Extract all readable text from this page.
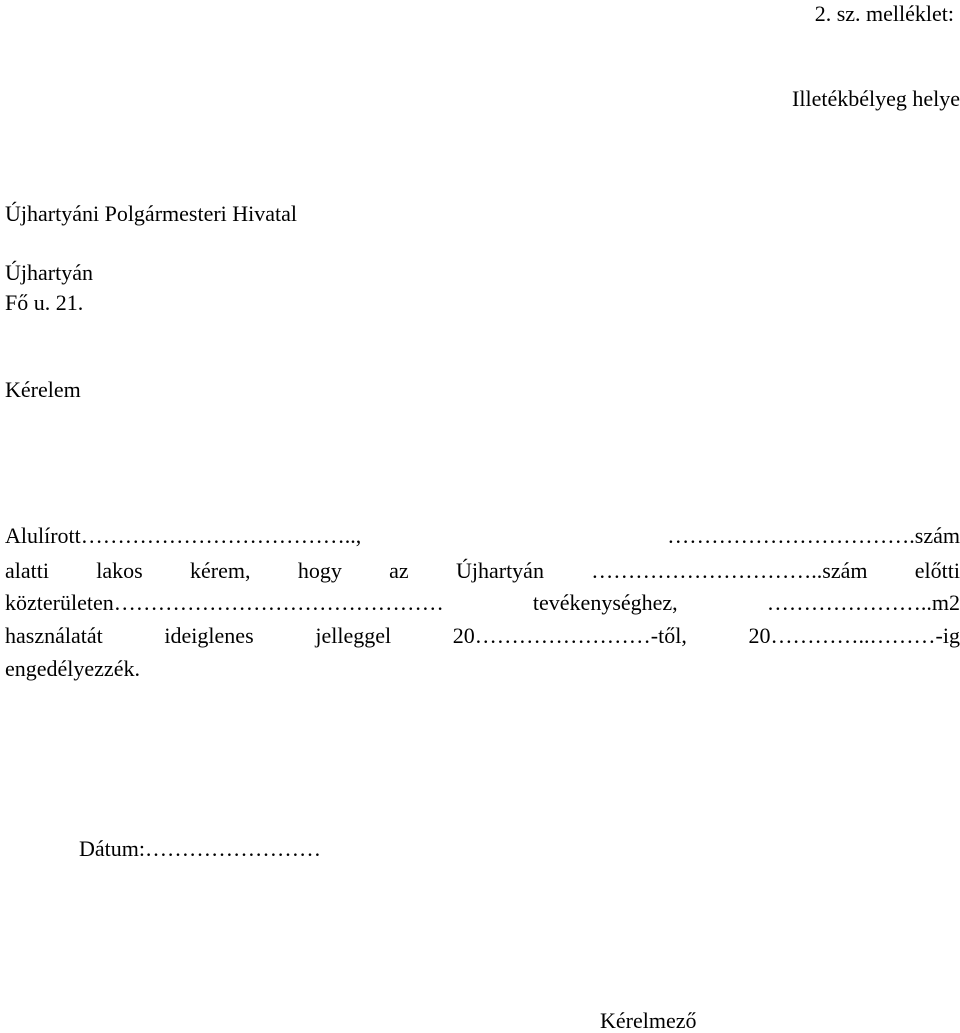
2. sz. melléklet:
Illetékbélyeg helye
Újhartyáni Polgármesteri Hivatal
Újhartyán
Fő u. 21.
Kérelem
Alulírott……………………………….., …………………………….szám
alatti lakos kérem, hogy az Újhartyán …………………………..szám előtti
közterületen……………………………………… tevékenységhez, …………………..m2
használatát ideiglenes jelleggel 20……………………-től, 20…………..………-ig
engedélyezzék.
Dátum:……………………
Kérelmező
